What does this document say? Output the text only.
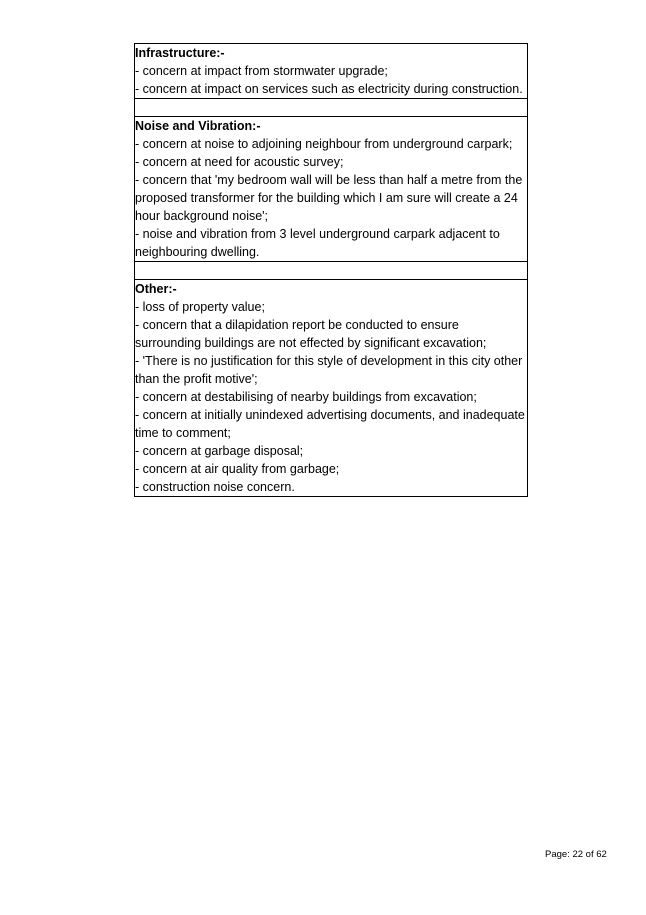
Infrastructure:-
- concern at impact from stormwater upgrade;
- concern at impact on services such as electricity during construction.
Noise and Vibration:-
- concern at noise to adjoining neighbour from underground carpark;
- concern at need for acoustic survey;
- concern that 'my bedroom wall will be less than half a metre from the proposed transformer for the building which I am sure will create a 24 hour background noise';
- noise and vibration from 3 level underground carpark adjacent to neighbouring dwelling.
Other:-
- loss of property value;
- concern that a dilapidation report be conducted to ensure surrounding buildings are not effected by significant excavation;
- 'There is no justification for this style of development in this city other than the profit motive';
- concern at destabilising of nearby buildings from excavation;
- concern at initially unindexed advertising documents, and inadequate time to comment;
- concern at garbage disposal;
- concern at air quality from garbage;
- construction noise concern.
Page: 22 of 62
